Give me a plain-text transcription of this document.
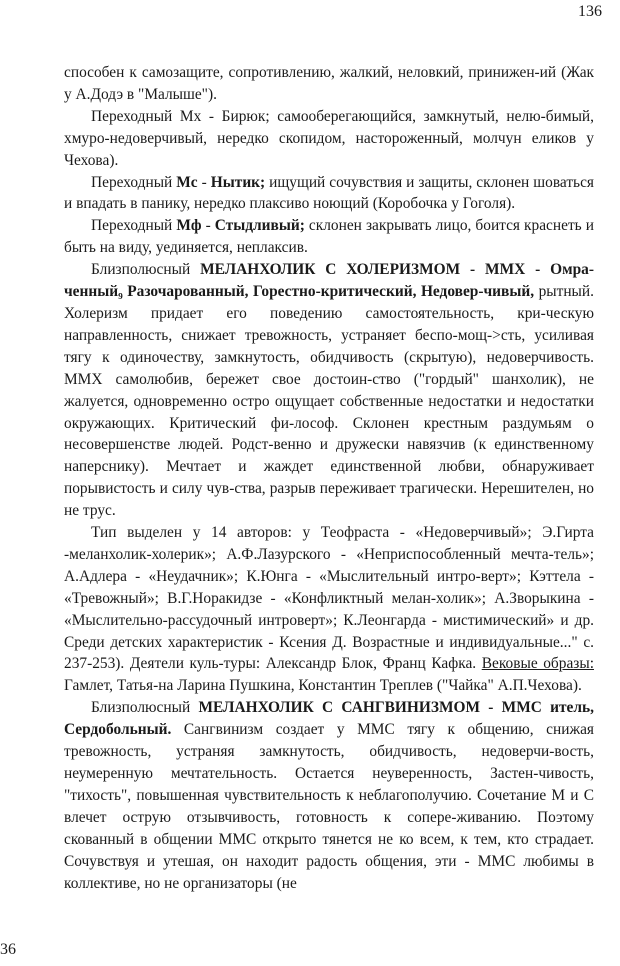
136

способен к самозащите, сопротивлению, жалкий, неловкий, принижен-ий (Жак у А.Додэ в "Малыше").

Переходный Мх - Бирюк; самооберегающийся, замкнутый, нелю-бимый, хмуро-недоверчивый, нередко скопидом, настороженный, молчун еликов у Чехова).

Переходный Мс - Нытик; ищущий сочувствия и защиты, склонен шоваться и впадать в панику, нередко плаксиво ноющий (Коробочка у Гоголя).

Переходный Мф - Стыдливый; склонен закрывать лицо, боится краснеть и быть на виду, уединяется, неплаксив.

Близполюсный МЕЛАНХОЛИК С ХОЛЕРИЗМОМ - ММХ - Омра-ченный₉ Разочарованный, Горестно-критический, Недовер-чивый, рытный. Холеризм придает его поведению самостоятельность, кри-ческую направленность, снижает тревожность, устраняет беспо-мощ->сть, усиливая тягу к одиночеству, замкнутость, обидчивость (скрытую), недоверчивость. ММХ самолюбив, бережет свое достоин-ство ("гордый" шанхолик), не жалуется, одновременно остро ощущает собственные недостатки и недостатки окружающих. Критический фи-лософ. Склонен крестным раздумьям о несовершенстве людей. Родст-венно и дружески навязчив (к единственному наперснику). Мечтает и жаждет единственной любви, обнаруживает порывистость и силу чув-ства, разрыв переживает трагически. Нерешителен, но не трус.

Тип выделен у 14 авторов: у Теофраста - «Недоверчивый»; Э.Гирта -меланхолик-холерик»; А.Ф.Лазурского - «Неприспособленный мечта-тель»; А.Адлера - «Неудачник»; К.Юнга - «Мыслительный интро-верт»; Кэттела - «Тревожный»; В.Г.Норакидзе - «Конфликтный мелан-холик»; А.Зворыкина - «Мыслительно-рассудочный интроверт»; К.Леонгарда - мистимический» и др. Среди детских характеристик - Ксения Д. Возрастные и индивидуальные..." с. 237-253). Деятели куль-туры: Александр Блок, Франц Кафка. Вековые образы: Гамлет, Татья-на Ларина Пушкина, Константин Треплев ("Чайка" А.П.Чехова).

Близполюсный МЕЛАНХОЛИК С САНГВИНИЗМОМ - ММС итель, Сердобольный. Сангвинизм создает у ММС тягу к общению, снижая тревожность, устраняя замкнутость, обидчивость, недоверчи-вость, неумеренную мечтательность. Остается неуверенность, Застен-чивость, "тихость", повышенная чувствительность к неблагополучию. Сочетание М и С влечет острую отзывчивость, готовность к сопере-живанию. Поэтому скованный в общении ММС открыто тянется не ко всем, к тем, кто страдает. Сочувствуя и утешая, он находит радость общения, эти - ММС любимы в коллективе, но не организаторы (не

36
